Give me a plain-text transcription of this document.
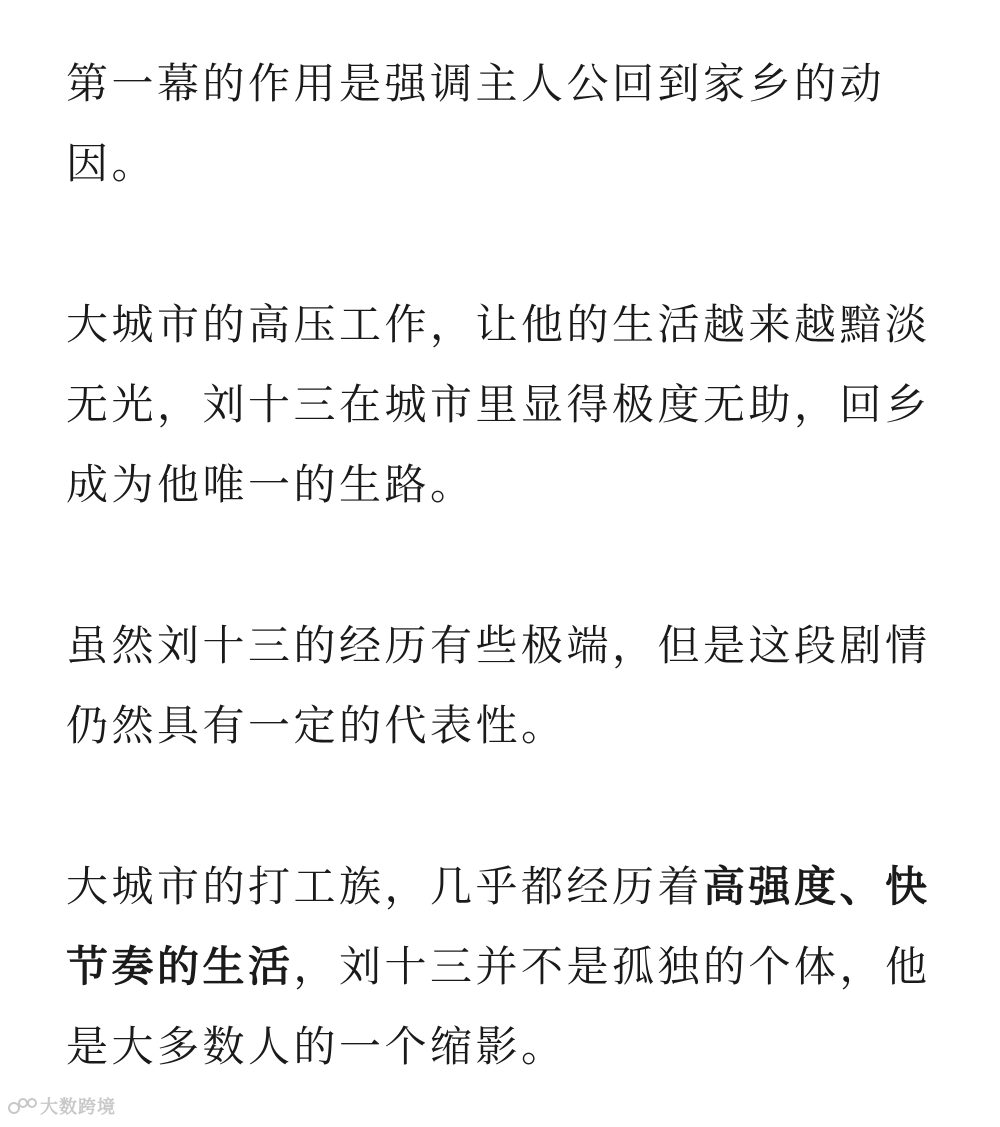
第一幕的作用是强调主人公回到家乡的动因。

大城市的高压工作，让他的生活越来越黯淡无光，刘十三在城市里显得极度无助，回乡成为他唯一的生路。

虽然刘十三的经历有些极端，但是这段剧情仍然具有一定的代表性。

大城市的打工族，几乎都经历着高强度、快节奏的生活，刘十三并不是孤独的个体，他是大多数人的一个缩影。

大数跨境
